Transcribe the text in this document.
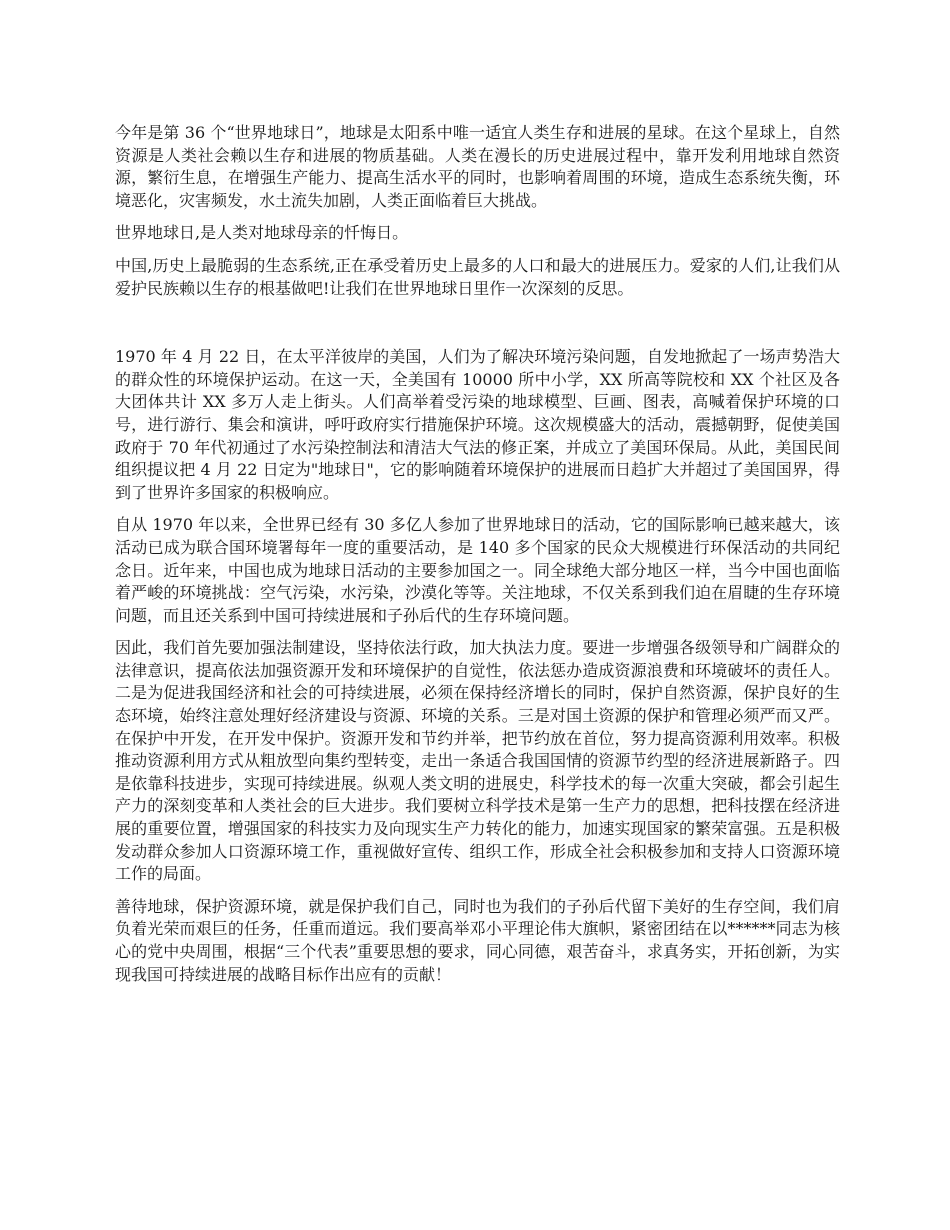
今年是第 36 个“世界地球日”，地球是太阳系中唯一适宜人类生存和进展的星球。在这个星球上，自然资源是人类社会赖以生存和进展的物质基础。人类在漫长的历史进展过程中，靠开发利用地球自然资源，繁衍生息，在增强生产能力、提高生活水平的同时，也影响着周围的环境，造成生态系统失衡，环境恶化，灾害频发，水土流失加剧，人类正面临着巨大挑战。

世界地球日,是人类对地球母亲的忏悔日。

中国,历史上最脆弱的生态系统,正在承受着历史上最多的人口和最大的进展压力。爱家的人们,让我们从爱护民族赖以生存的根基做吧!让我们在世界地球日里作一次深刻的反思。

1970 年 4 月 22 日，在太平洋彼岸的美国，人们为了解决环境污染问题，自发地掀起了一场声势浩大的群众性的环境保护运动。在这一天，全美国有 10000 所中小学，XX 所高等院校和 XX 个社区及各大团体共计 XX 多万人走上街头。人们高举着受污染的地球模型、巨画、图表，高喊着保护环境的口号，进行游行、集会和演讲，呼吁政府实行措施保护环境。这次规模盛大的活动，震撼朝野，促使美国政府于 70 年代初通过了水污染控制法和清洁大气法的修正案，并成立了美国环保局。从此，美国民间组织提议把 4 月 22 日定为"地球日"，它的影响随着环境保护的进展而日趋扩大并超过了美国国界，得到了世界许多国家的积极响应。

自从 1970 年以来，全世界已经有 30 多亿人参加了世界地球日的活动，它的国际影响已越来越大，该活动已成为联合国环境署每年一度的重要活动，是 140 多个国家的民众大规模进行环保活动的共同纪念日。近年来，中国也成为地球日活动的主要参加国之一。同全球绝大部分地区一样，当今中国也面临着严峻的环境挑战：空气污染，水污染，沙漠化等等。关注地球，不仅关系到我们迫在眉睫的生存环境问题，而且还关系到中国可持续进展和子孙后代的生存环境问题。

因此，我们首先要加强法制建设，坚持依法行政，加大执法力度。要进一步增强各级领导和广阔群众的法律意识，提高依法加强资源开发和环境保护的自觉性，依法惩办造成资源浪费和环境破坏的责任人。二是为促进我国经济和社会的可持续进展，必须在保持经济增长的同时，保护自然资源，保护良好的生态环境，始终注意处理好经济建设与资源、环境的关系。三是对国土资源的保护和管理必须严而又严。在保护中开发，在开发中保护。资源开发和节约并举，把节约放在首位，努力提高资源利用效率。积极推动资源利用方式从粗放型向集约型转变，走出一条适合我国国情的资源节约型的经济进展新路子。四是依靠科技进步，实现可持续进展。纵观人类文明的进展史，科学技术的每一次重大突破，都会引起生产力的深刻变革和人类社会的巨大进步。我们要树立科学技术是第一生产力的思想，把科技摆在经济进展的重要位置，增强国家的科技实力及向现实生产力转化的能力，加速实现国家的繁荣富强。五是积极发动群众参加人口资源环境工作，重视做好宣传、组织工作，形成全社会积极参加和支持人口资源环境工作的局面。

善待地球，保护资源环境，就是保护我们自己，同时也为我们的子孙后代留下美好的生存空间，我们肩负着光荣而艰巨的任务，任重而道远。我们要高举邓小平理论伟大旗帜，紧密团结在以******同志为核心的党中央周围，根据“三个代表”重要思想的要求，同心同德，艰苦奋斗，求真务实，开拓创新，为实现我国可持续进展的战略目标作出应有的贡献！
